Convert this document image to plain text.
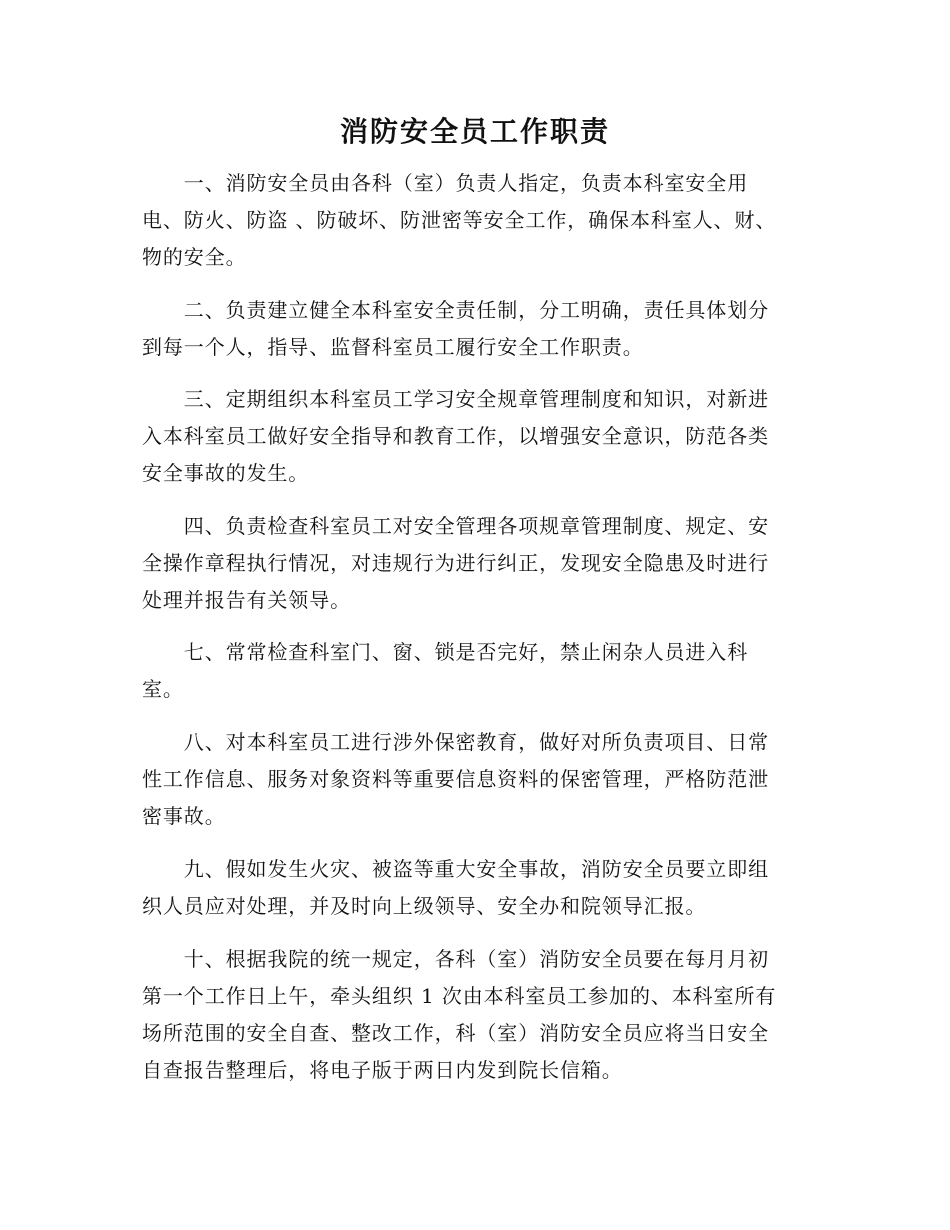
消防安全员工作职责
　　一、消防安全员由各科（室）负责人指定，负责本科室安全用
电、防火、防盗 、防破坏、防泄密等安全工作，确保本科室人、财、
物的安全。
　　二、负责建立健全本科室安全责任制，分工明确，责任具体划分
到每一个人，指导、监督科室员工履行安全工作职责。
　　三、定期组织本科室员工学习安全规章管理制度和知识，对新进
入本科室员工做好安全指导和教育工作，以增强安全意识，防范各类
安全事故的发生。
　　四、负责检查科室员工对安全管理各项规章管理制度、规定、安
全操作章程执行情况，对违规行为进行纠正，发现安全隐患及时进行
处理并报告有关领导。
　　七、常常检查科室门、窗、锁是否完好，禁止闲杂人员进入科
室。
　　八、对本科室员工进行涉外保密教育，做好对所负责项目、日常
性工作信息、服务对象资料等重要信息资料的保密管理，严格防范泄
密事故。
　　九、假如发生火灾、被盗等重大安全事故，消防安全员要立即组
织人员应对处理，并及时向上级领导、安全办和院领导汇报。
　　十、根据我院的统一规定，各科（室）消防安全员要在每月月初
第一个工作日上午，牵头组织 1 次由本科室员工参加的、本科室所有
场所范围的安全自查、整改工作，科（室）消防安全员应将当日安全
自查报告整理后，将电子版于两日内发到院长信箱。
